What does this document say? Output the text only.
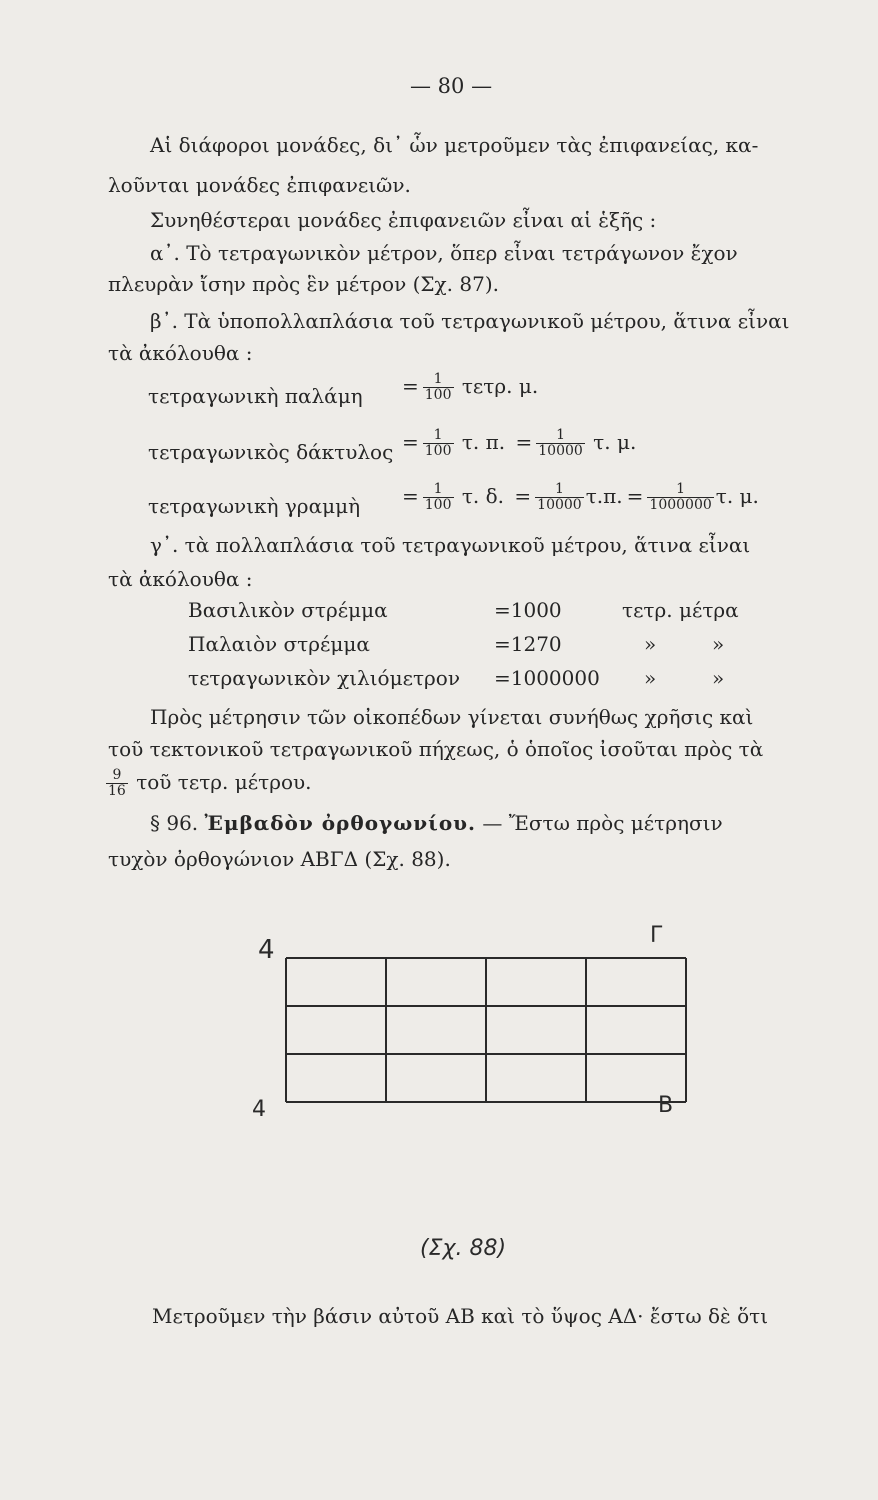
— 80 —
Αἱ διάφοροι μονάδες, δι᾽ ὧν μετροῦμεν τὰς ἐπιφανείας, κα-
λοῦνται μονάδες ἐπιφανειῶν.
Συνηθέστεραι μονάδες ἐπιφανειῶν εἶναι αἱ ἑξῆς :
α᾽. Τὸ τετραγωνικὸν μέτρον, ὅπερ εἶναι τετράγωνον ἔχον
πλευρὰν ἴσην πρὸς ἓν μέτρον (Σχ. 87).
β᾽. Τὰ ὑποπολλαπλάσια τοῦ τετραγωνικοῦ μέτρου, ἅτινα εἶναι
τὰ ἀκόλουθα :
τετραγωνικὴ $\pi\alpha\lambda ά\mu\eta = \frac{1}{100} \tau\varepsilon\tau\rho$. μ.
τετραγωνικὸς $\delta ά\kappa\tau\upsilon\lambda o\varsigma = \frac{1}{100} \tau$. π. = $\frac{1}{10000} \tau$. μ.
τετραγωνικὴ γραμμὴ = $\frac{1}{100} \tau$. δ. = $\frac{1}{10000} \tau.\pi$. = $\frac{1}{1000000} \tau$. μ.
γ᾽. τὰ πολλαπλάσια τοῦ τετραγωνικοῦ μέτρου, ἅτινα εἶναι
τὰ ἀκόλουθα :
Βασιλικὸν στρέμμα	=1000	τετρ. μέτρα
Παλαιὸν στρέμμα	=1270	»	»
τετραγωνικὸν χιλιόμετρον =1000000 »	»
Πρὸς μέτρησιν τῶν οἰκοπέδων γίνεται συνήθως χρῆσις καὶ
τοῦ τεκτονικοῦ τετραγωνικοῦ πήχεως, ὁ ὁποῖος ἰσοῦται πρὸς τὰ
$\frac{9}{16}$ τοῦ τετρ. μέτρου.
§ 96. Ἐμβαδὸν ὀρθογωνίου. — Ἔστω πρὸς μέτρησιν
τυχὸν ὀρθογώνιον ΑΒΓΔ (Σχ. 88).
4	Γ
4	B
(Σχ. 88)
Μετροῦμεν τὴν βάσιν αὐτοῦ ΑΒ καὶ τὸ ὕψος ΑΔ· ἔστω δὲ ὅτι
